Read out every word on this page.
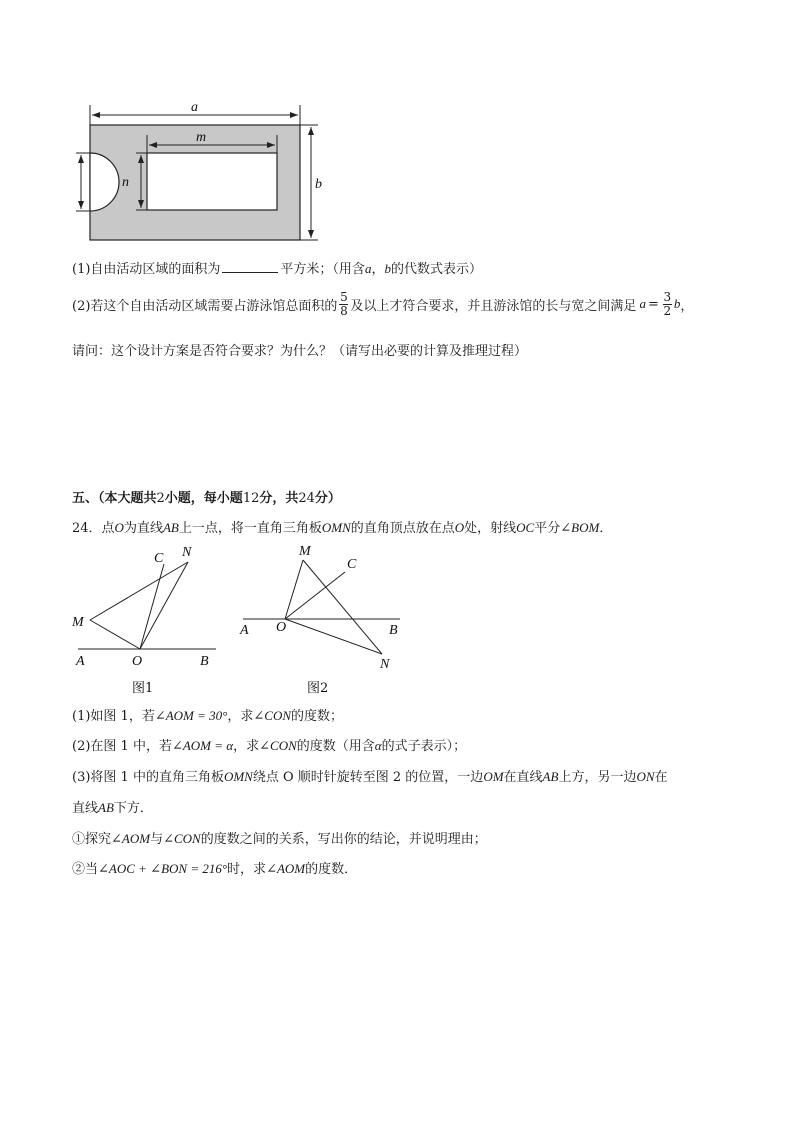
a
m
n	b
(1)自由活动区域的面积为	平方米；（用含a，b的代数式表示）
(2)若这个自由活动区域需要占游泳馆总面积的 $\frac{5}{8}$ 及以上才符合要求，并且游泳馆的长与宽之间满足 $a = \frac{3}{2}$ b ，
请问：这个设计方案是否符合要求？为什么？（请写出必要的计算及推理过程）
五、（本大题共2小题，每小题12分，共24分）
24．点O为直线AB上一点，将一直角三角板OMN的直角顶点放在点O处，射线OC平分∠BOM．
C N
M
A	O	B
图1
M
C
A O	B
N
图2
(1)如图 1，若∠AOM = 30°，求∠CON的度数；
(2)在图 1 中，若∠AOM = α，求∠CON的度数（用含α的式子表示）；
(3)将图 1 中的直角三角板OMN绕点 O 顺时针旋转至图 2 的位置，一边OM在直线AB上方，另一边ON在
直线AB下方．
①探究∠AOM与∠CON的度数之间的关系，写出你的结论，并说明理由；
②当∠AOC + ∠BON = 216°时，求∠AOM的度数．
